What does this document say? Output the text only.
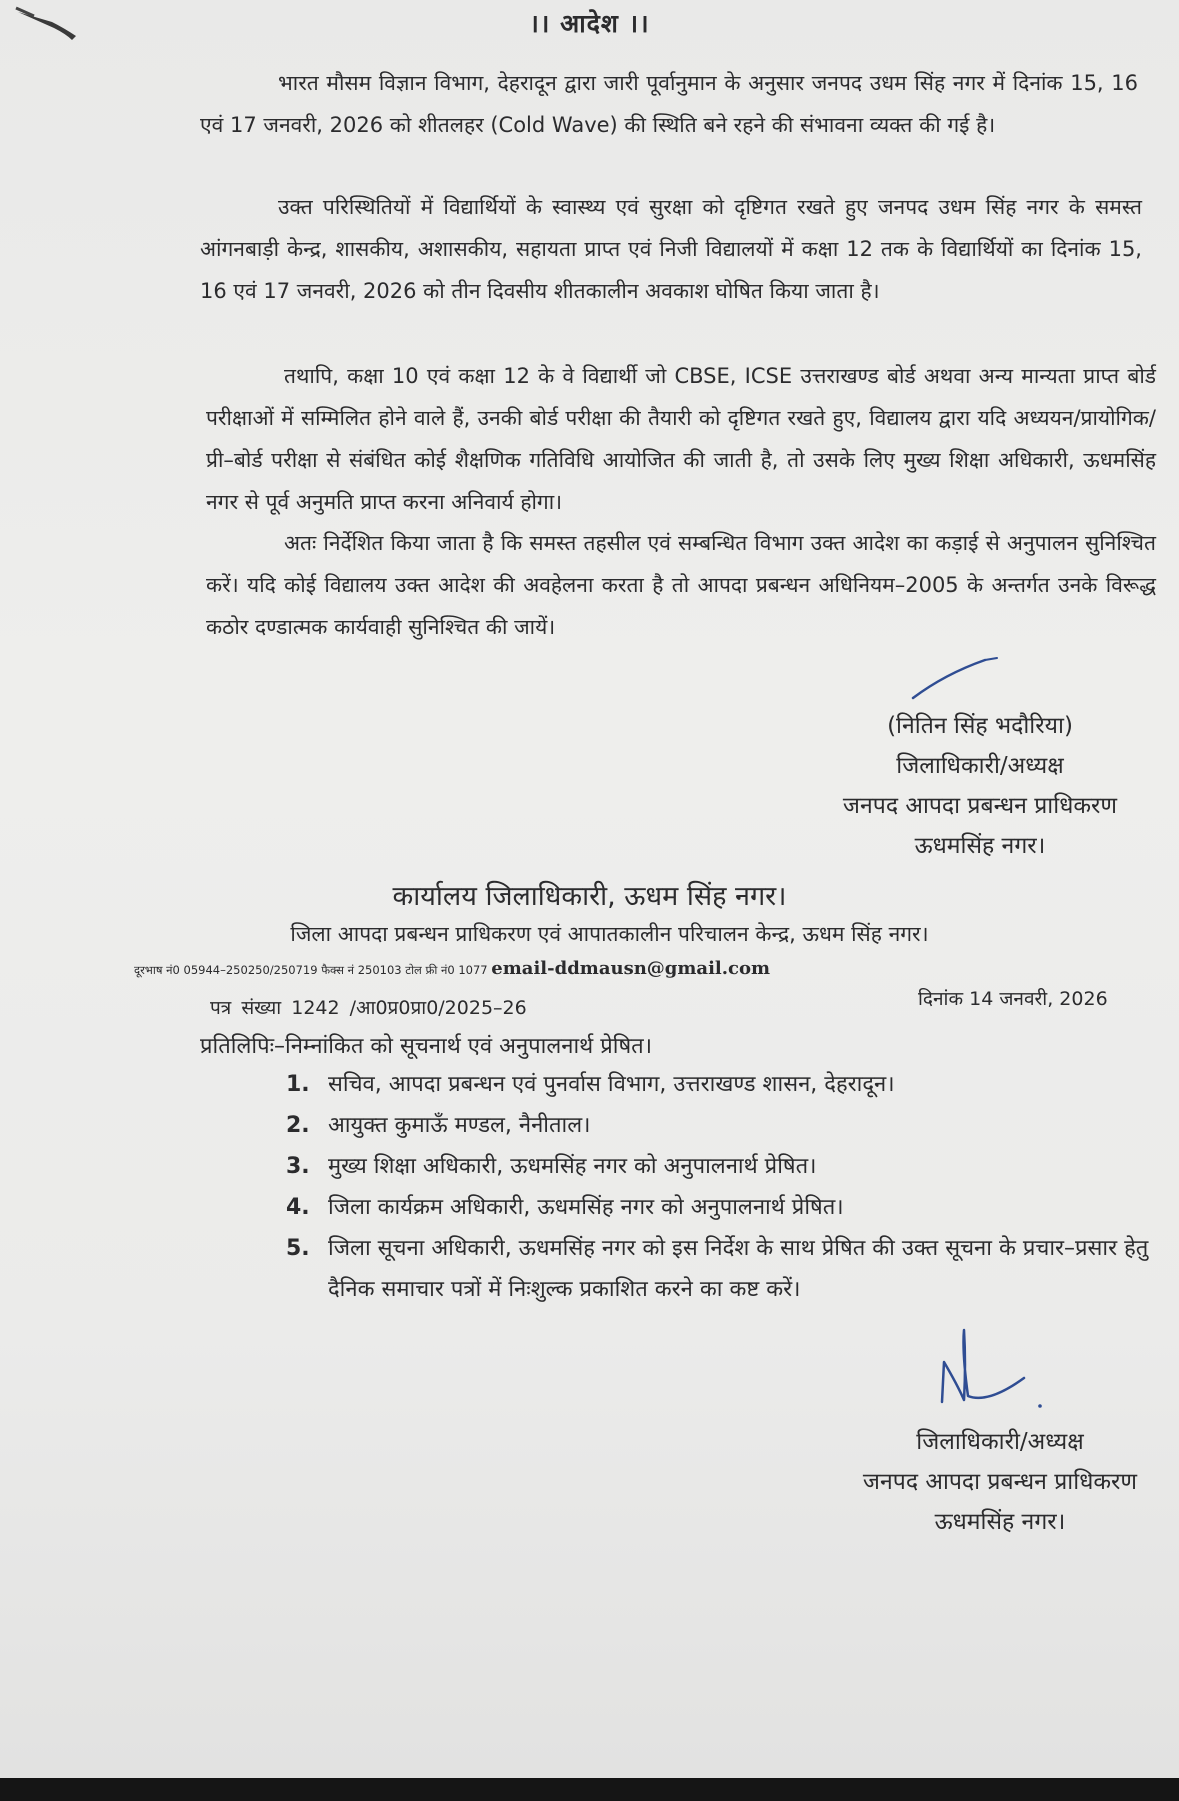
।। आदेश ।।

भारत मौसम विज्ञान विभाग, देहरादून द्वारा जारी पूर्वानुमान के अनुसार जनपद उधम सिंह नगर में दिनांक 15, 16 एवं 17 जनवरी, 2026 को शीतलहर (Cold Wave) की स्थिति बने रहने की संभावना व्यक्त की गई है।

उक्त परिस्थितियों में विद्यार्थियों के स्वास्थ्य एवं सुरक्षा को दृष्टिगत रखते हुए जनपद उधम सिंह नगर के समस्त आंगनबाड़ी केन्द्र, शासकीय, अशासकीय, सहायता प्राप्त एवं निजी विद्यालयों में कक्षा 12 तक के विद्यार्थियों का दिनांक 15, 16 एवं 17 जनवरी, 2026 को तीन दिवसीय शीतकालीन अवकाश घोषित किया जाता है।

तथापि, कक्षा 10 एवं कक्षा 12 के वे विद्यार्थी जो CBSE, ICSE उत्तराखण्ड बोर्ड अथवा अन्य मान्यता प्राप्त बोर्ड परीक्षाओं में सम्मिलित होने वाले हैं, उनकी बोर्ड परीक्षा की तैयारी को दृष्टिगत रखते हुए, विद्यालय द्वारा यदि अध्ययन/प्रायोगिक/प्री–बोर्ड परीक्षा से संबंधित कोई शैक्षणिक गतिविधि आयोजित की जाती है, तो उसके लिए मुख्य शिक्षा अधिकारी, ऊधमसिंह नगर से पूर्व अनुमति प्राप्त करना अनिवार्य होगा।

अतः निर्देशित किया जाता है कि समस्त तहसील एवं सम्बन्धित विभाग उक्त आदेश का कड़ाई से अनुपालन सुनिश्चित करें। यदि कोई विद्यालय उक्त आदेश की अवहेलना करता है तो आपदा प्रबन्धन अधिनियम–2005 के अन्तर्गत उनके विरूद्ध कठोर दण्डात्मक कार्यवाही सुनिश्चित की जायें।

(नितिन सिंह भदौरिया)
जिलाधिकारी/अध्यक्ष
जनपद आपदा प्रबन्धन प्राधिकरण
ऊधमसिंह नगर।
कार्यालय जिलाधिकारी, ऊधम सिंह नगर।
जिला आपदा प्रबन्धन प्राधिकरण एवं आपातकालीन परिचालन केन्द्र, ऊधम सिंह नगर।
दूरभाष नं0 05944–250250/250719 फैक्स नं 250103 टोल फ्री नं0 1077 email-ddmausn@gmail.com
पत्र संख्या 1242 /आ0प्र0प्रा0/2025–26	दिनांक 14 जनवरी, 2026
प्रतिलिपिः–निम्नांकित को सूचनार्थ एवं अनुपालनार्थ प्रेषित।
1. सचिव, आपदा प्रबन्धन एवं पुनर्वास विभाग, उत्तराखण्ड शासन, देहरादून।
2. आयुक्त कुमाऊँ मण्डल, नैनीताल।
3. मुख्य शिक्षा अधिकारी, ऊधमसिंह नगर को अनुपालनार्थ प्रेषित।
4. जिला कार्यक्रम अधिकारी, ऊधमसिंह नगर को अनुपालनार्थ प्रेषित।
5. जिला सूचना अधिकारी, ऊधमसिंह नगर को इस निर्देश के साथ प्रेषित की उक्त सूचना के प्रचार–प्रसार हेतु दैनिक समाचार पत्रों में निःशुल्क प्रकाशित करने का कष्ट करें।
जिलाधिकारी/अध्यक्ष
जनपद आपदा प्रबन्धन प्राधिकरण
ऊधमसिंह नगर।
